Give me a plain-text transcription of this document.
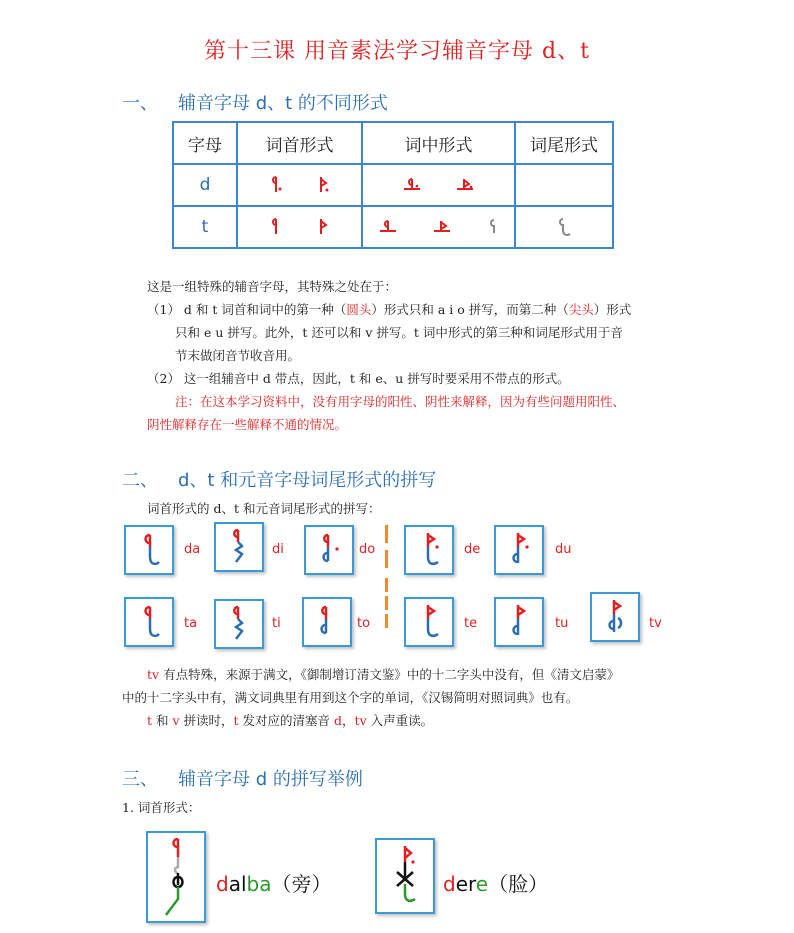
第十三课 用音素法学习辅音字母 d、t
一、 辅音字母 d、t 的不同形式
字母	词首形式	词中形式	词尾形式
d			
t			
这是一组特殊的辅音字母，其特殊之处在于：
（1） d 和 t 词首和词中的第一种（圆头）形式只和 a i o 拼写，而第二种（尖头）形式
只和 e u 拼写。此外，t 还可以和 v 拼写。t 词中形式的第三种和词尾形式用于音
节末做闭音节收音用。
（2） 这一组辅音中 d 带点，因此，t 和 e、u 拼写时要采用不带点的形式。
注：在这本学习资料中，没有用字母的阳性、阴性来解释，因为有些问题用阳性、
阴性解释存在一些解释不通的情况。
二、 d、t 和元音字母词尾形式的拼写
词首形式的 d、t 和元音词尾形式的拼写：
da	di	do	de	du
ta	ti	to	te	tu	tv
tv 有点特殊，来源于满文，《御制增订清文鉴》中的十二字头中没有，但《清文启蒙》
中的十二字头中有，满文词典里有用到这个字的单词，《汉锡简明对照词典》也有。
t 和 v 拼读时，t 发对应的清塞音 d，tv 入声重读。
三、 辅音字母 d 的拼写举例
1. 词首形式：
dalba（旁）	dere（脸）
